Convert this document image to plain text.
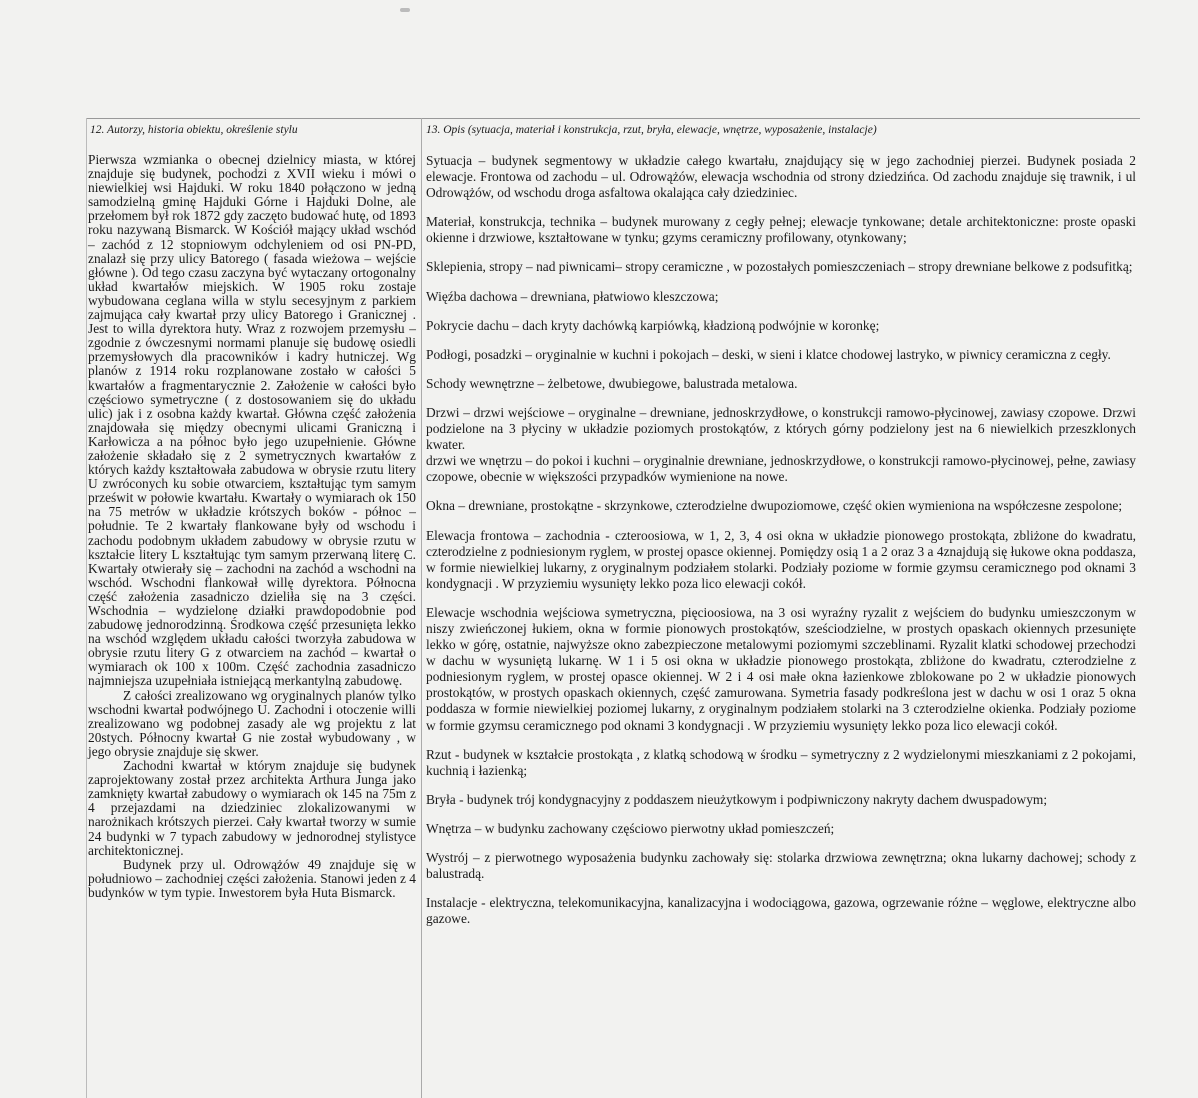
12. Autorzy, historia obiektu, określenie stylu

Pierwsza wzmianka o obecnej dzielnicy miasta, w której znajduje się budynek, pochodzi z XVII wieku i mówi o niewielkiej wsi Hajduki. W roku 1840 połączono w jedną samodzielną gminę Hajduki Górne i Hajduki Dolne, ale przełomem był rok 1872 gdy zaczęto budować hutę, od 1893 roku nazywaną Bismarck. W Kościół mający układ wschód – zachód z 12 stopniowym odchyleniem od osi PN-PD, znalazł się przy ulicy Batorego ( fasada wieżowa – wejście główne ). Od tego czasu zaczyna być wytaczany ortogonalny układ kwartałów miejskich. W 1905 roku zostaje wybudowana ceglana willa w stylu secesyjnym z parkiem zajmująca cały kwartał przy ulicy Batorego i Granicznej . Jest to willa dyrektora huty. Wraz z rozwojem przemysłu – zgodnie z ówczesnymi normami planuje się budowę osiedli przemysłowych dla pracowników i kadry hutniczej. Wg planów z 1914 roku rozplanowane zostało w całości 5 kwartałów a fragmentarycznie 2. Założenie w całości było częściowo symetryczne ( z dostosowaniem się do układu ulic) jak i z osobna każdy kwartał. Główna część założenia znajdowała się między obecnymi ulicami Graniczną i Karłowicza a na północ było jego uzupełnienie. Główne założenie składało się z 2 symetrycznych kwartałów z których każdy kształtowała zabudowa w obrysie rzutu litery U zwróconych ku sobie otwarciem, kształtując tym samym prześwit w połowie kwartału. Kwartały o wymiarach ok 150 na 75 metrów w układzie krótszych boków - północ – południe. Te 2 kwartały flankowane były od wschodu i zachodu podobnym układem zabudowy w obrysie rzutu w kształcie litery L kształtując tym samym przerwaną literę C. Kwartały otwierały się – zachodni na zachód a wschodni na wschód. Wschodni flankował willę dyrektora. Północna część założenia zasadniczo dzieliła się na 3 części. Wschodnia – wydzielone działki prawdopodobnie pod zabudowę jednorodzinną. Środkowa część przesunięta lekko na wschód względem układu całości tworzyła zabudowa w obrysie rzutu litery G z otwarciem na zachód – kwartał o wymiarach ok 100 x 100m. Część zachodnia zasadniczo najmniejsza uzupełniała istniejącą merkantylną zabudowę.

Z całości zrealizowano wg oryginalnych planów tylko wschodni kwartał podwójnego U. Zachodni i otoczenie willi zrealizowano wg podobnej zasady ale wg projektu z lat 20stych. Północny kwartał G nie został wybudowany , w jego obrysie znajduje się skwer.

Zachodni kwartał w którym znajduje się budynek zaprojektowany został przez architekta Arthura Junga jako zamknięty kwartał zabudowy o wymiarach ok 145 na 75m z 4 przejazdami na dziedziniec zlokalizowanymi w narożnikach krótszych pierzei. Cały kwartał tworzy w sumie 24 budynki w 7 typach zabudowy w jednorodnej stylistyce architektonicznej.

Budynek przy ul. Odrowążów 49 znajduje się w południowo – zachodniej części założenia. Stanowi jeden z 4 budynków w tym typie. Inwestorem była Huta Bismarck.

13. Opis (sytuacja, materiał i konstrukcja, rzut, bryła, elewacje, wnętrze, wyposażenie, instalacje)

Sytuacja – budynek segmentowy w układzie całego kwartału, znajdujący się w jego zachodniej pierzei. Budynek posiada 2 elewacje. Frontowa od zachodu – ul. Odrowążów, elewacja wschodnia od strony dziedzińca. Od zachodu znajduje się trawnik, i ul Odrowążów, od wschodu droga asfaltowa okalająca cały dziedziniec.

Materiał, konstrukcja, technika – budynek murowany z cegły pełnej; elewacje tynkowane; detale architektoniczne: proste opaski okienne i drzwiowe, kształtowane w tynku; gzyms ceramiczny profilowany, otynkowany;

Sklepienia, stropy – nad piwnicami– stropy ceramiczne , w pozostałych pomieszczeniach – stropy drewniane belkowe z podsufitką;

Więźba dachowa – drewniana, płatwiowo kleszczowa;

Pokrycie dachu – dach kryty dachówką karpiówką, kładzioną podwójnie w koronkę;

Podłogi, posadzki – oryginalnie w kuchni i pokojach – deski, w sieni i klatce chodowej lastryko, w piwnicy ceramiczna z cegły.

Schody wewnętrzne – żelbetowe, dwubiegowe, balustrada metalowa.

Drzwi – drzwi wejściowe – oryginalne – drewniane, jednoskrzydłowe, o konstrukcji ramowo-płycinowej, zawiasy czopowe. Drzwi podzielone na 3 płyciny w układzie poziomych prostokątów, z których górny podzielony jest na 6 niewielkich przeszklonych kwater.

drzwi we wnętrzu – do pokoi i kuchni – oryginalnie drewniane, jednoskrzydłowe, o konstrukcji ramowo-płycinowej, pełne, zawiasy czopowe, obecnie w większości przypadków wymienione na nowe.

Okna – drewniane, prostokątne - skrzynkowe, czterodzielne dwupoziomowe, część okien wymieniona na współczesne zespolone;

Elewacja frontowa – zachodnia - czteroosiowa, w 1, 2, 3, 4 osi okna w układzie pionowego prostokąta, zbliżone do kwadratu, czterodzielne z podniesionym ryglem, w prostej opasce okiennej. Pomiędzy osią 1 a 2 oraz 3 a 4znajdują się łukowe okna poddasza, w formie niewielkiej lukarny, z oryginalnym podziałem stolarki. Podziały poziome w formie gzymsu ceramicznego pod oknami 3 kondygnacji . W przyziemiu wysunięty lekko poza lico elewacji cokół.

Elewacje wschodnia wejściowa symetryczna, pięcioosiowa, na 3 osi wyraźny ryzalit z wejściem do budynku umieszczonym w niszy zwieńczonej łukiem, okna w formie pionowych prostokątów, sześciodzielne, w prostych opaskach okiennych przesunięte lekko w górę, ostatnie, najwyższe okno zabezpieczone metalowymi poziomymi szczeblinami. Ryzalit klatki schodowej przechodzi w dachu w wysuniętą lukarnę. W 1 i 5 osi okna w układzie pionowego prostokąta, zbliżone do kwadratu, czterodzielne z podniesionym ryglem, w prostej opasce okiennej. W 2 i 4 osi małe okna łazienkowe zblokowane po 2 w układzie pionowych prostokątów, w prostych opaskach okiennych, część zamurowana. Symetria fasady podkreślona jest w dachu w osi 1 oraz 5 okna poddasza w formie niewielkiej poziomej lukarny, z oryginalnym podziałem stolarki na 3 czterodzielne okienka. Podziały poziome w formie gzymsu ceramicznego pod oknami 3 kondygnacji . W przyziemiu wysunięty lekko poza lico elewacji cokół.

Rzut - budynek w kształcie prostokąta , z klatką schodową w środku – symetryczny z 2 wydzielonymi mieszkaniami z 2 pokojami, kuchnią i łazienką;

Bryła - budynek trój kondygnacyjny z poddaszem nieużytkowym i podpiwniczony nakryty dachem dwuspadowym;

Wnętrza – w budynku zachowany częściowo pierwotny układ pomieszczeń;

Wystrój – z pierwotnego wyposażenia budynku zachowały się: stolarka drzwiowa zewnętrzna; okna lukarny dachowej; schody z balustradą.

Instalacje - elektryczna, telekomunikacyjna, kanalizacyjna i wodociągowa, gazowa, ogrzewanie różne – węglowe, elektryczne albo gazowe.
